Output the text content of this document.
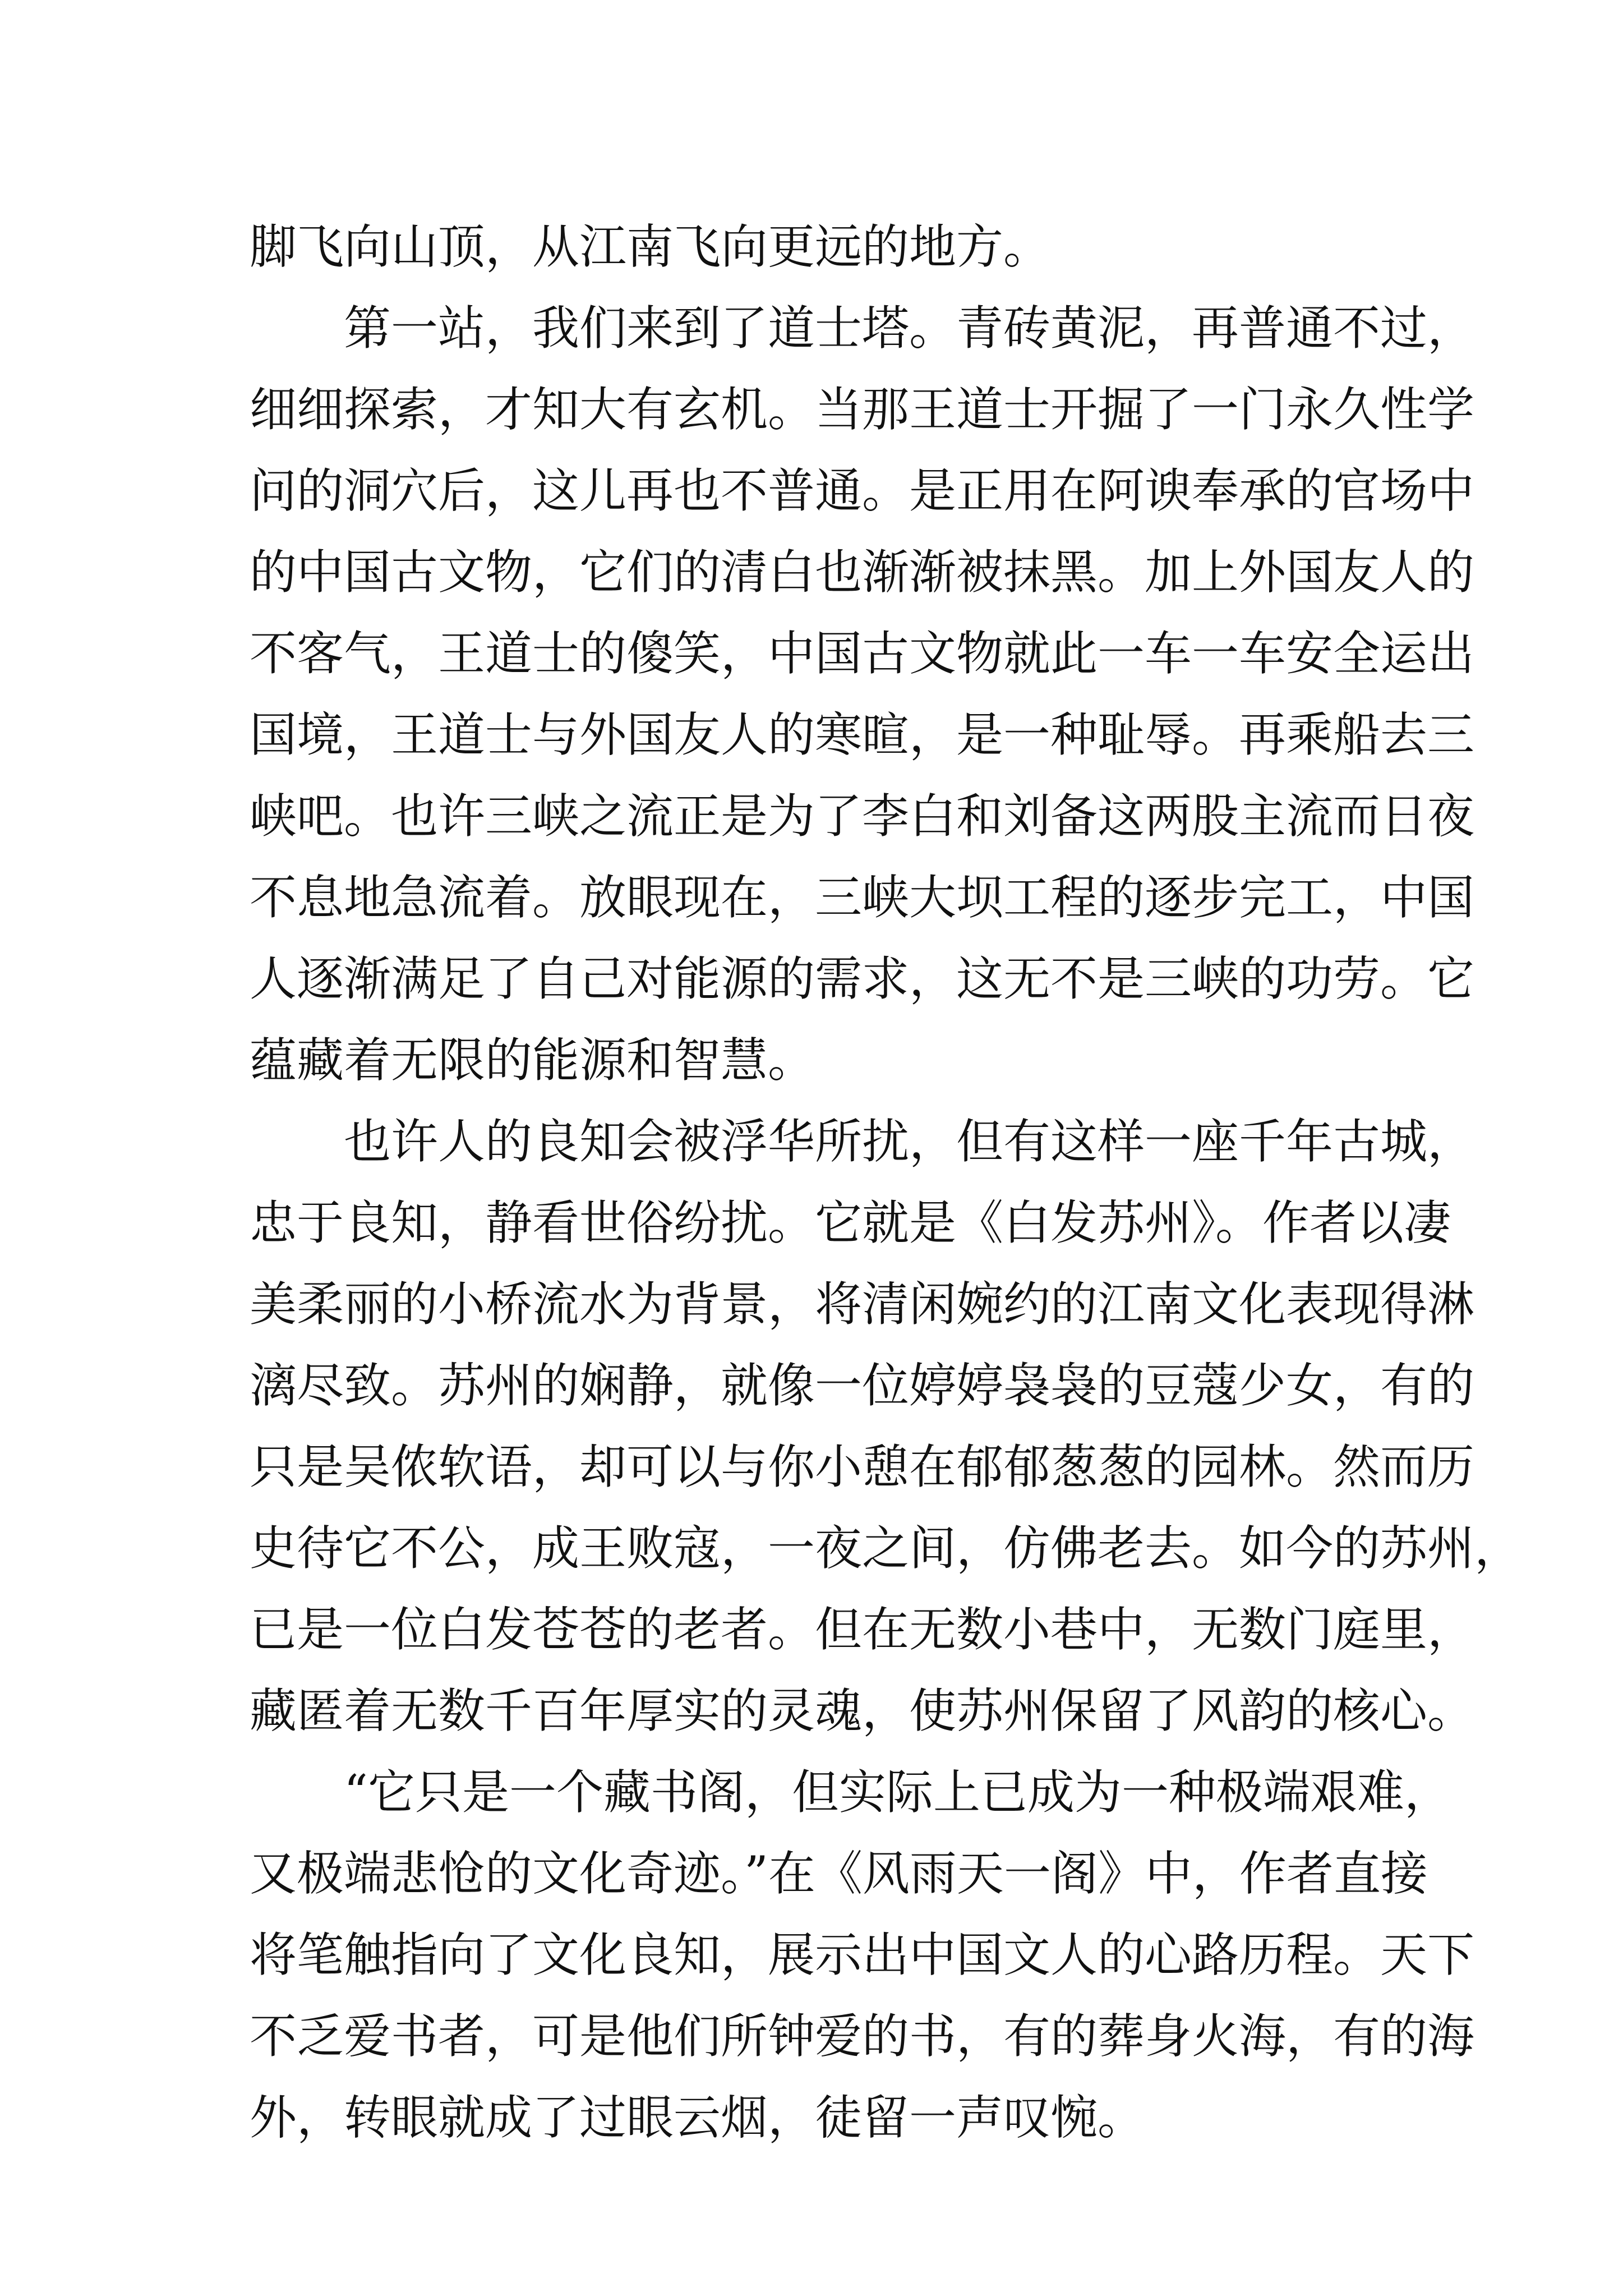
脚飞向山顶，从江南飞向更远的地方。
第一站，我们来到了道士塔。青砖黄泥，再普通不过，
细细探索，才知大有玄机。当那王道士开掘了一门永久性学
问的洞穴后，这儿再也不普通。是正用在阿谀奉承的官场中
的中国古文物，它们的清白也渐渐被抹黑。加上外国友人的
不客气，王道士的傻笑，中国古文物就此一车一车安全运出
国境，王道士与外国友人的寒暄，是一种耻辱。再乘船去三
峡吧。也许三峡之流正是为了李白和刘备这两股主流而日夜
不息地急流着。放眼现在，三峡大坝工程的逐步完工，中国
人逐渐满足了自己对能源的需求，这无不是三峡的功劳。它
蕴藏着无限的能源和智慧。
也许人的良知会被浮华所扰，但有这样一座千年古城，
忠于良知，静看世俗纷扰。它就是《白发苏州》。作者以凄
美柔丽的小桥流水为背景，将清闲婉约的江南文化表现得淋
漓尽致。苏州的娴静，就像一位婷婷袅袅的豆蔻少女，有的
只是吴侬软语，却可以与你小憩在郁郁葱葱的园林。然而历
史待它不公，成王败寇，一夜之间，仿佛老去。如今的苏州，
已是一位白发苍苍的老者。但在无数小巷中，无数门庭里，
藏匿着无数千百年厚实的灵魂，使苏州保留了风韵的核心。
“它只是一个藏书阁，但实际上已成为一种极端艰难，
又极端悲怆的文化奇迹。”在《风雨天一阁》中，作者直接
将笔触指向了文化良知，展示出中国文人的心路历程。天下
不乏爱书者，可是他们所钟爱的书，有的葬身火海，有的海
外，转眼就成了过眼云烟，徒留一声叹惋。
